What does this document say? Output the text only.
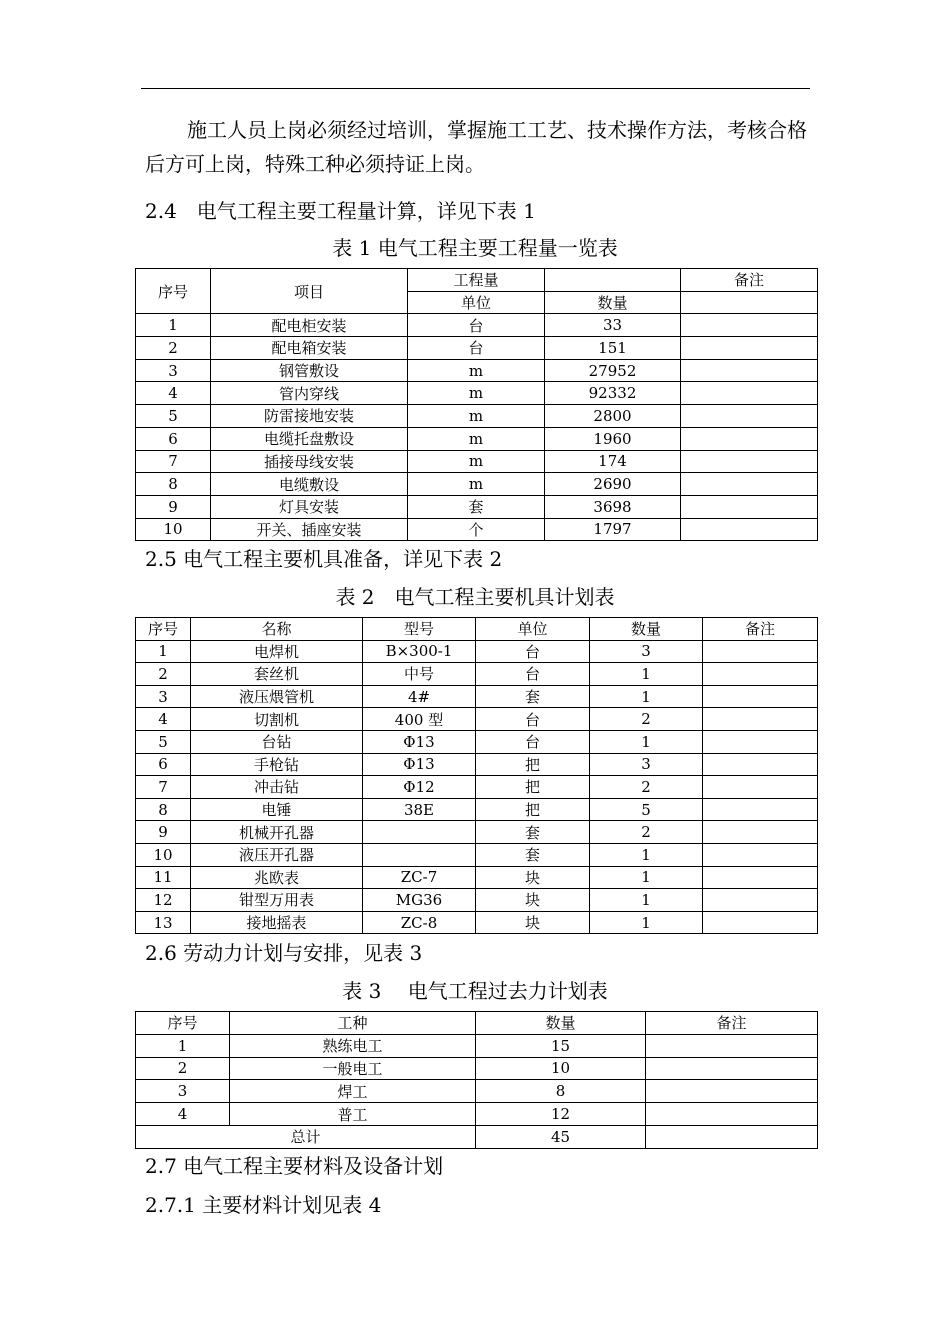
施工人员上岗必须经过培训，掌握施工工艺、技术操作方法，考核合格后方可上岗，特殊工种必须持证上岗。

2.4　电气工程主要工程量计算，详见下表 1

表 1 电气工程主要工程量一览表

序号	项目	工程量		备注
		单位	数量	
1	配电柜安装	台	33	
2	配电箱安装	台	151	
3	钢管敷设	m	27952	
4	管内穿线	m	92332	
5	防雷接地安装	m	2800	
6	电缆托盘敷设	m	1960	
7	插接母线安装	m	174	
8	电缆敷设	m	2690	
9	灯具安装	套	3698	
10	开关、插座安装	个	1797	

2.5 电气工程主要机具准备，详见下表 2

表 2　电气工程主要机具计划表

序号	名称	型号	单位	数量	备注
1	电焊机	B×300-1	台	3	
2	套丝机	中号	台	1	
3	液压煨管机	4#	套	1	
4	切割机	400 型	台	2	
5	台钻	Φ13	台	1	
6	手枪钻	Φ13	把	3	
7	冲击钻	Φ12	把	2	
8	电锤	38E	把	5	
9	机械开孔器		套	2	
10	液压开孔器		套	1	
11	兆欧表	ZC-7	块	1	
12	钳型万用表	MG36	块	1	
13	接地摇表	ZC-8	块	1	

2.6 劳动力计划与安排，见表 3

表 3　 电气工程过去力计划表

序号	工种	数量	备注
1	熟练电工	15	
2	一般电工	10	
3	焊工	8	
4	普工	12	
总计		45	

2.7 电气工程主要材料及设备计划

2.7.1 主要材料计划见表 4
